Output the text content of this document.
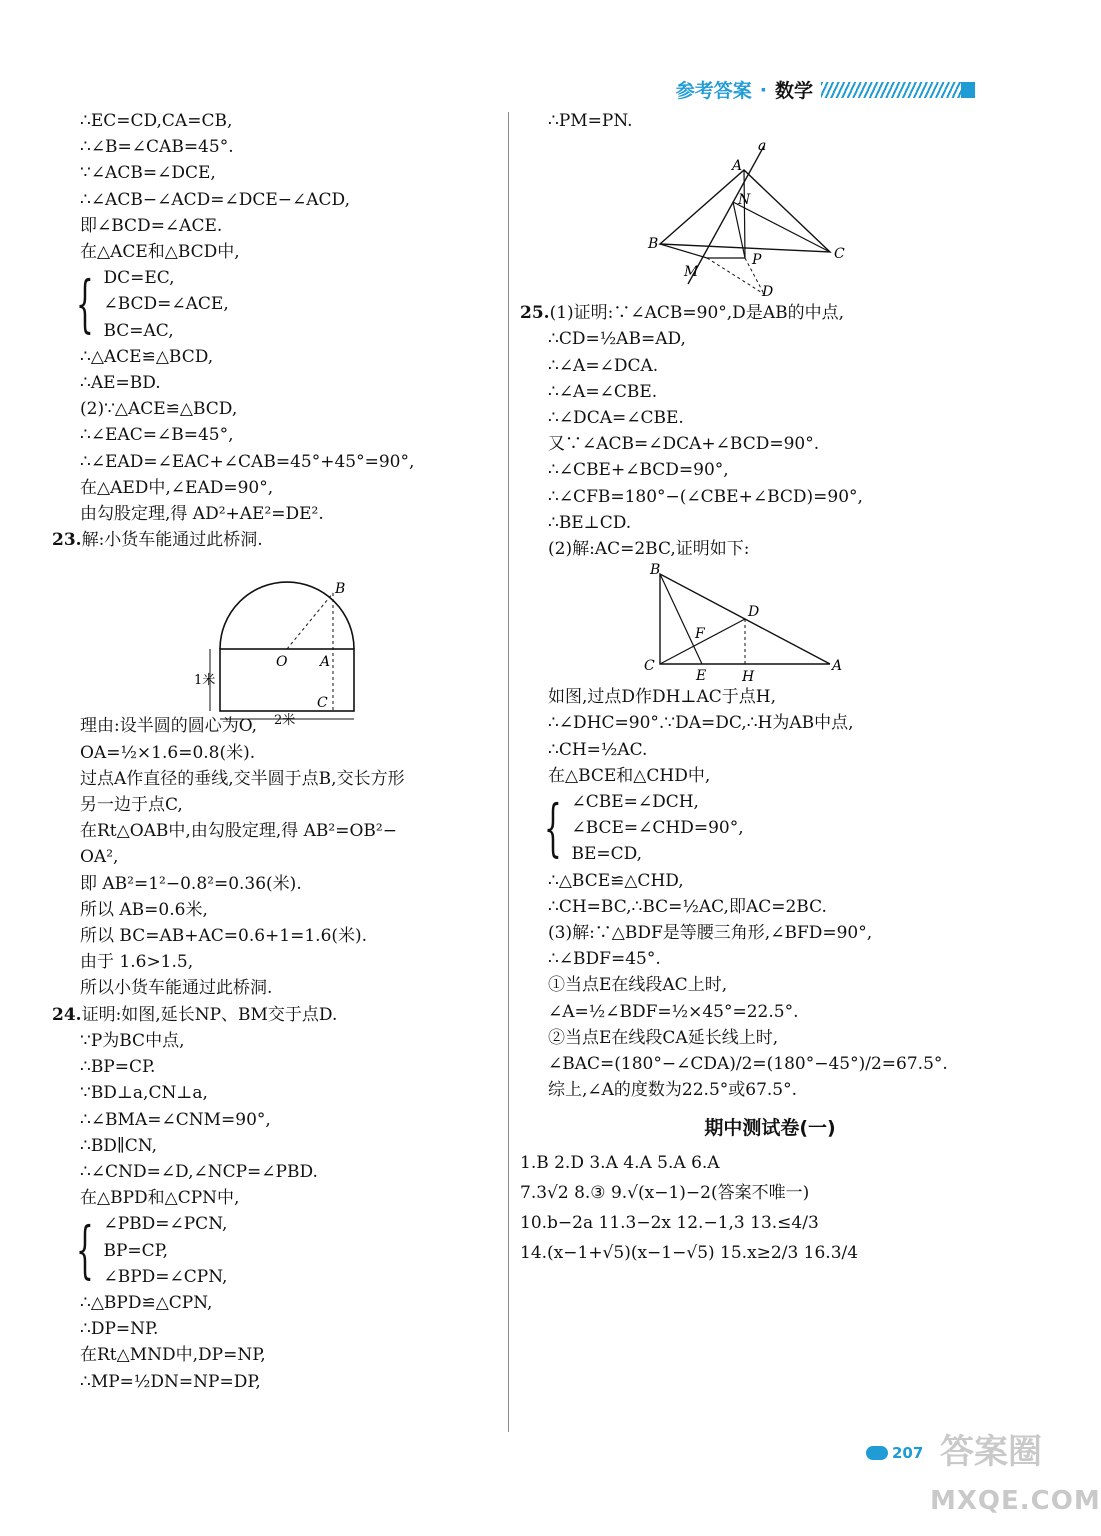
参考答案 · 数学
∴EC=CD,CA=CB,
∴∠B=∠CAB=45°.
∵∠ACB=∠DCE,
∴∠ACB−∠ACD=∠DCE−∠ACD,
即∠BCD=∠ACE.
在△ACE和△BCD中,
{ DC=EC,
∠BCD=∠ACE,
BC=AC,
∴△ACE≌△BCD,
∴AE=BD.
(2)∵△ACE≌△BCD,
∴∠EAC=∠B=45°,
∴∠EAD=∠EAC+∠CAB=45°+45°=90°,
在△AED中,∠EAD=90°,
由勾股定理,得 AD²+AE²=DE².
23.解:小货车能通过此桥洞.
B
O A
C
1米
2米
理由:设半圆的圆心为O,
OA=½×1.6=0.8(米).
过点A作直径的垂线,交半圆于点B,交长方形
另一边于点C,
在Rt△OAB中,由勾股定理,得 AB²=OB²−
OA²,
即 AB²=1²−0.8²=0.36(米).
所以 AB=0.6米,
所以 BC=AB+AC=0.6+1=1.6(米).
由于 1.6>1.5,
所以小货车能通过此桥洞.
24.证明:如图,延长NP、BM交于点D.
∵P为BC中点,
∴BP=CP.
∵BD⊥a,CN⊥a,
∴∠BMA=∠CNM=90°,
∴BD∥CN,
∴∠CND=∠D,∠NCP=∠PBD.
在△BPD和△CPN中,
{ ∠PBD=∠PCN,
BP=CP,
∠BPD=∠CPN,
∴△BPD≌△CPN,
∴DP=NP.
在Rt△MND中,DP=NP,
∴MP=½DN=NP=DP,
∴PM=PN.
A
a
N
B
C
P
M
D
25.(1)证明:∵∠ACB=90°,D是AB的中点,
∴CD=½AB=AD,
∴∠A=∠DCA.
∴∠A=∠CBE.
∴∠DCA=∠CBE.
又∵∠ACB=∠DCA+∠BCD=90°.
∴∠CBE+∠BCD=90°,
∴∠CFB=180°−(∠CBE+∠BCD)=90°,
∴BE⊥CD.
(2)解:AC=2BC,证明如下:
B
D
F
C
E	H
A
如图,过点D作DH⊥AC于点H,
∴∠DHC=90°.∵DA=DC,∴H为AB中点,
∴CH=½AC.
在△BCE和△CHD中,
{ ∠CBE=∠DCH,
∠BCE=∠CHD=90°,
BE=CD,
∴△BCE≌△CHD,
∴CH=BC,∴BC=½AC,即AC=2BC.
(3)解:∵△BDF是等腰三角形,∠BFD=90°,
∴∠BDF=45°.
①当点E在线段AC上时,
∠A=½∠BDF=½×45°=22.5°.
②当点E在线段CA延长线上时,
∠BAC=(180°−∠CDA)/2=(180°−45°)/2=67.5°.
综上,∠A的度数为22.5°或67.5°.
期中测试卷(一)
1.B 2.D 3.A 4.A 5.A 6.A
7.3√2 8.③ 9.√(x−1)−2(答案不唯一)
10.b−2a 11.3−2x 12.−1,3 13.≤4/3
14.(x−1+√5)(x−1−√5) 15.x≥2/3 16.3/4
207 答案圈
MXQE.COM
